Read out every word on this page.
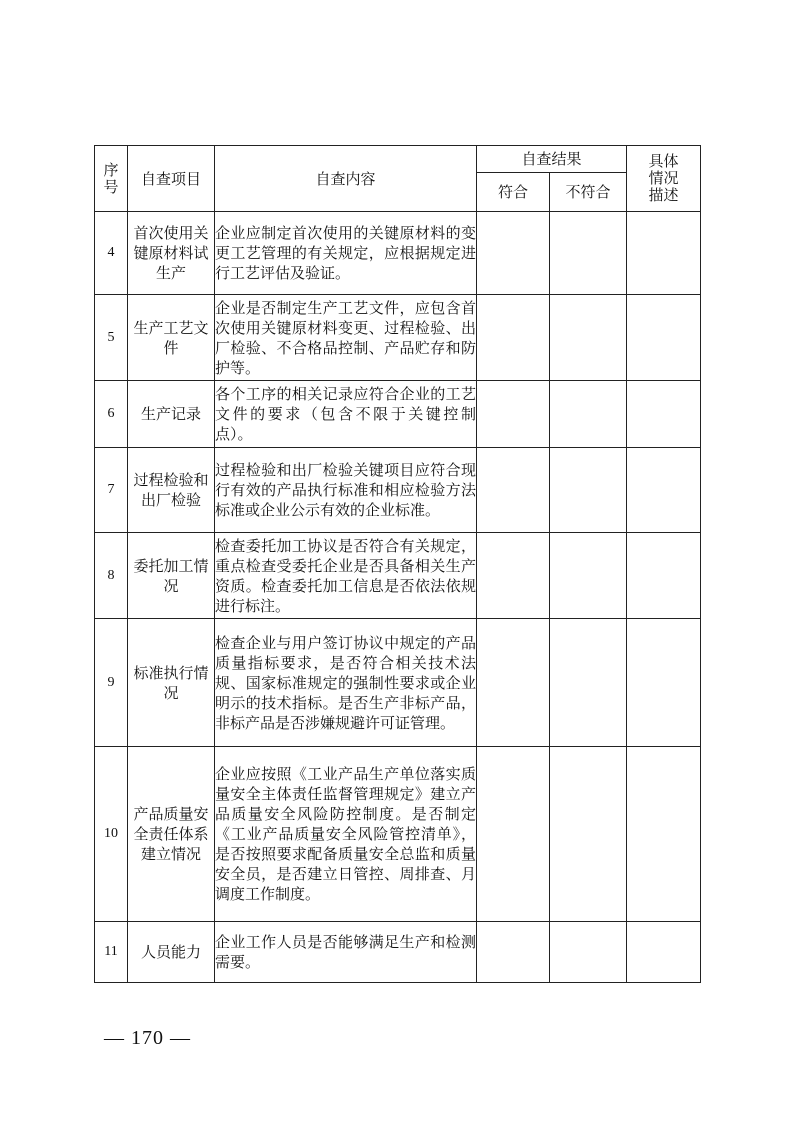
序号	自查项目	自查内容	自查结果		具体情况描述
			符合	不符合	
4	首次使用关键原材料试生产	企业应制定首次使用的关键原材料的变更工艺管理的有关规定，应根据规定进行工艺评估及验证。			
5	生产工艺文件	企业是否制定生产工艺文件，应包含首次使用关键原材料变更、过程检验、出厂检验、不合格品控制、产品贮存和防护等。			
6	生产记录	各个工序的相关记录应符合企业的工艺文件的要求（包含不限于关键控制点）。			
7	过程检验和出厂检验	过程检验和出厂检验关键项目应符合现行有效的产品执行标准和相应检验方法标准或企业公示有效的企业标准。			
8	委托加工情况	检查委托加工协议是否符合有关规定，重点检查受委托企业是否具备相关生产资质。检查委托加工信息是否依法依规进行标注。			
9	标准执行情况	检查企业与用户签订协议中规定的产品质量指标要求，是否符合相关技术法规、国家标准规定的强制性要求或企业明示的技术指标。是否生产非标产品，非标产品是否涉嫌规避许可证管理。			
10	产品质量安全责任体系建立情况	企业应按照《工业产品生产单位落实质量安全主体责任监督管理规定》建立产品质量安全风险防控制度。是否制定《工业产品质量安全风险管控清单》，是否按照要求配备质量安全总监和质量安全员，是否建立日管控、周排查、月调度工作制度。			
11	人员能力	企业工作人员是否能够满足生产和检测需要。			
— 170 —
